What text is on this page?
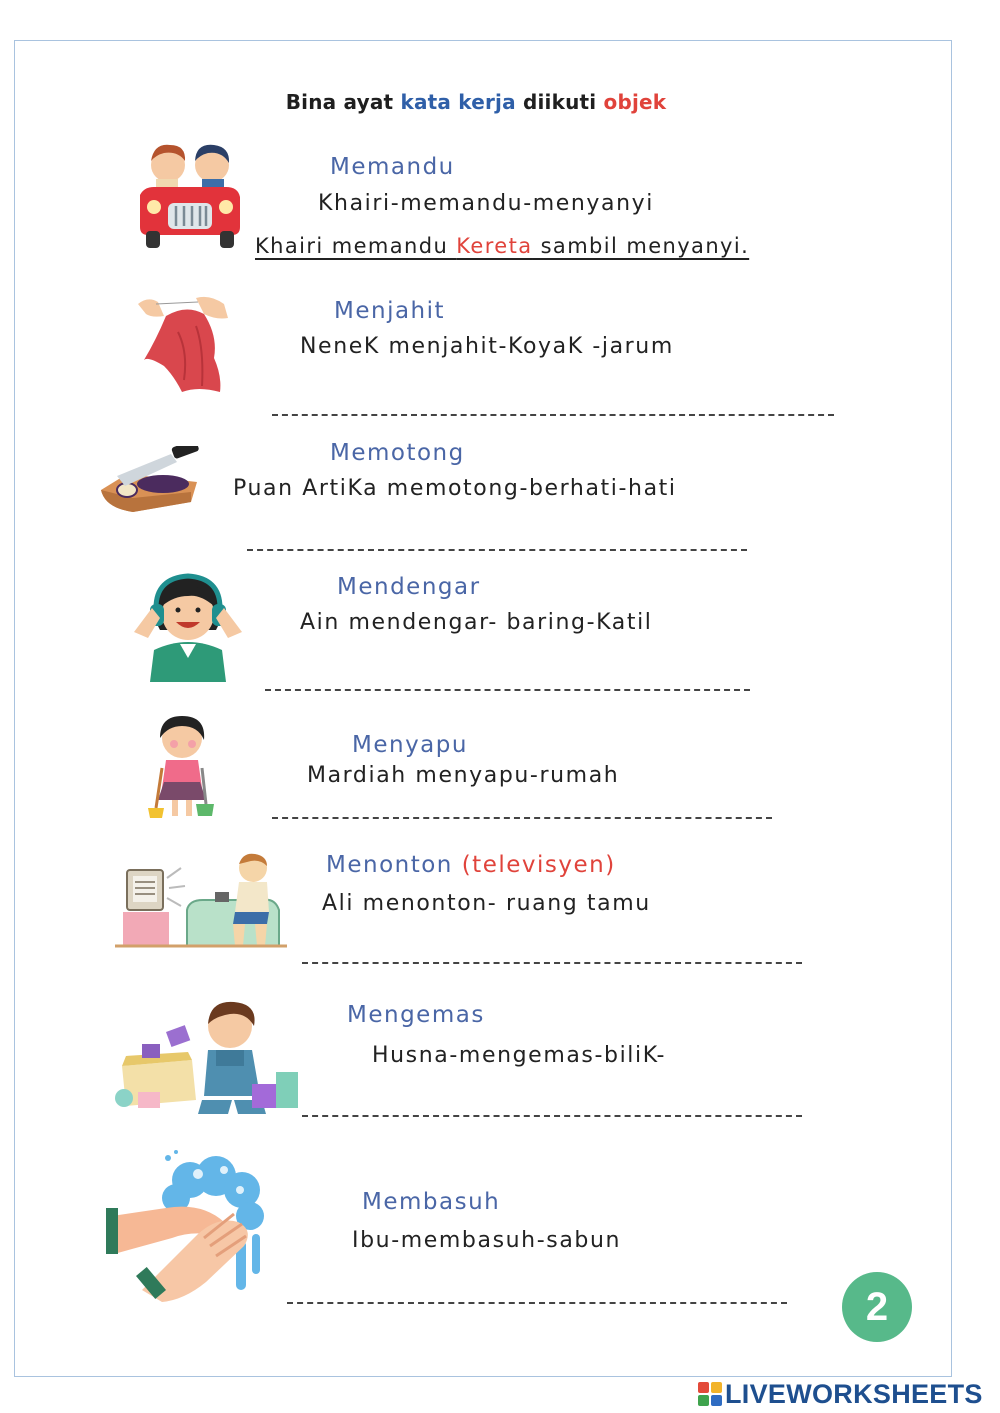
Bina ayat kata kerja diikuti objek
Memandu
Khairi-memandu-menyanyi
Khairi memandu Kereta sambil menyanyi.
Menjahit
NeneK menjahit-KoyaK -jarum
Memotong
Puan ArtiKa memotong-berhati-hati
Mendengar
Ain mendengar- baring-Katil
Menyapu
Mardiah menyapu-rumah
Menonton (televisyen)
Ali menonton- ruang tamu
Mengemas
Husna-mengemas-biliK-
Membasuh
Ibu-membasuh-sabun
2
LIVEWORKSHEETS
